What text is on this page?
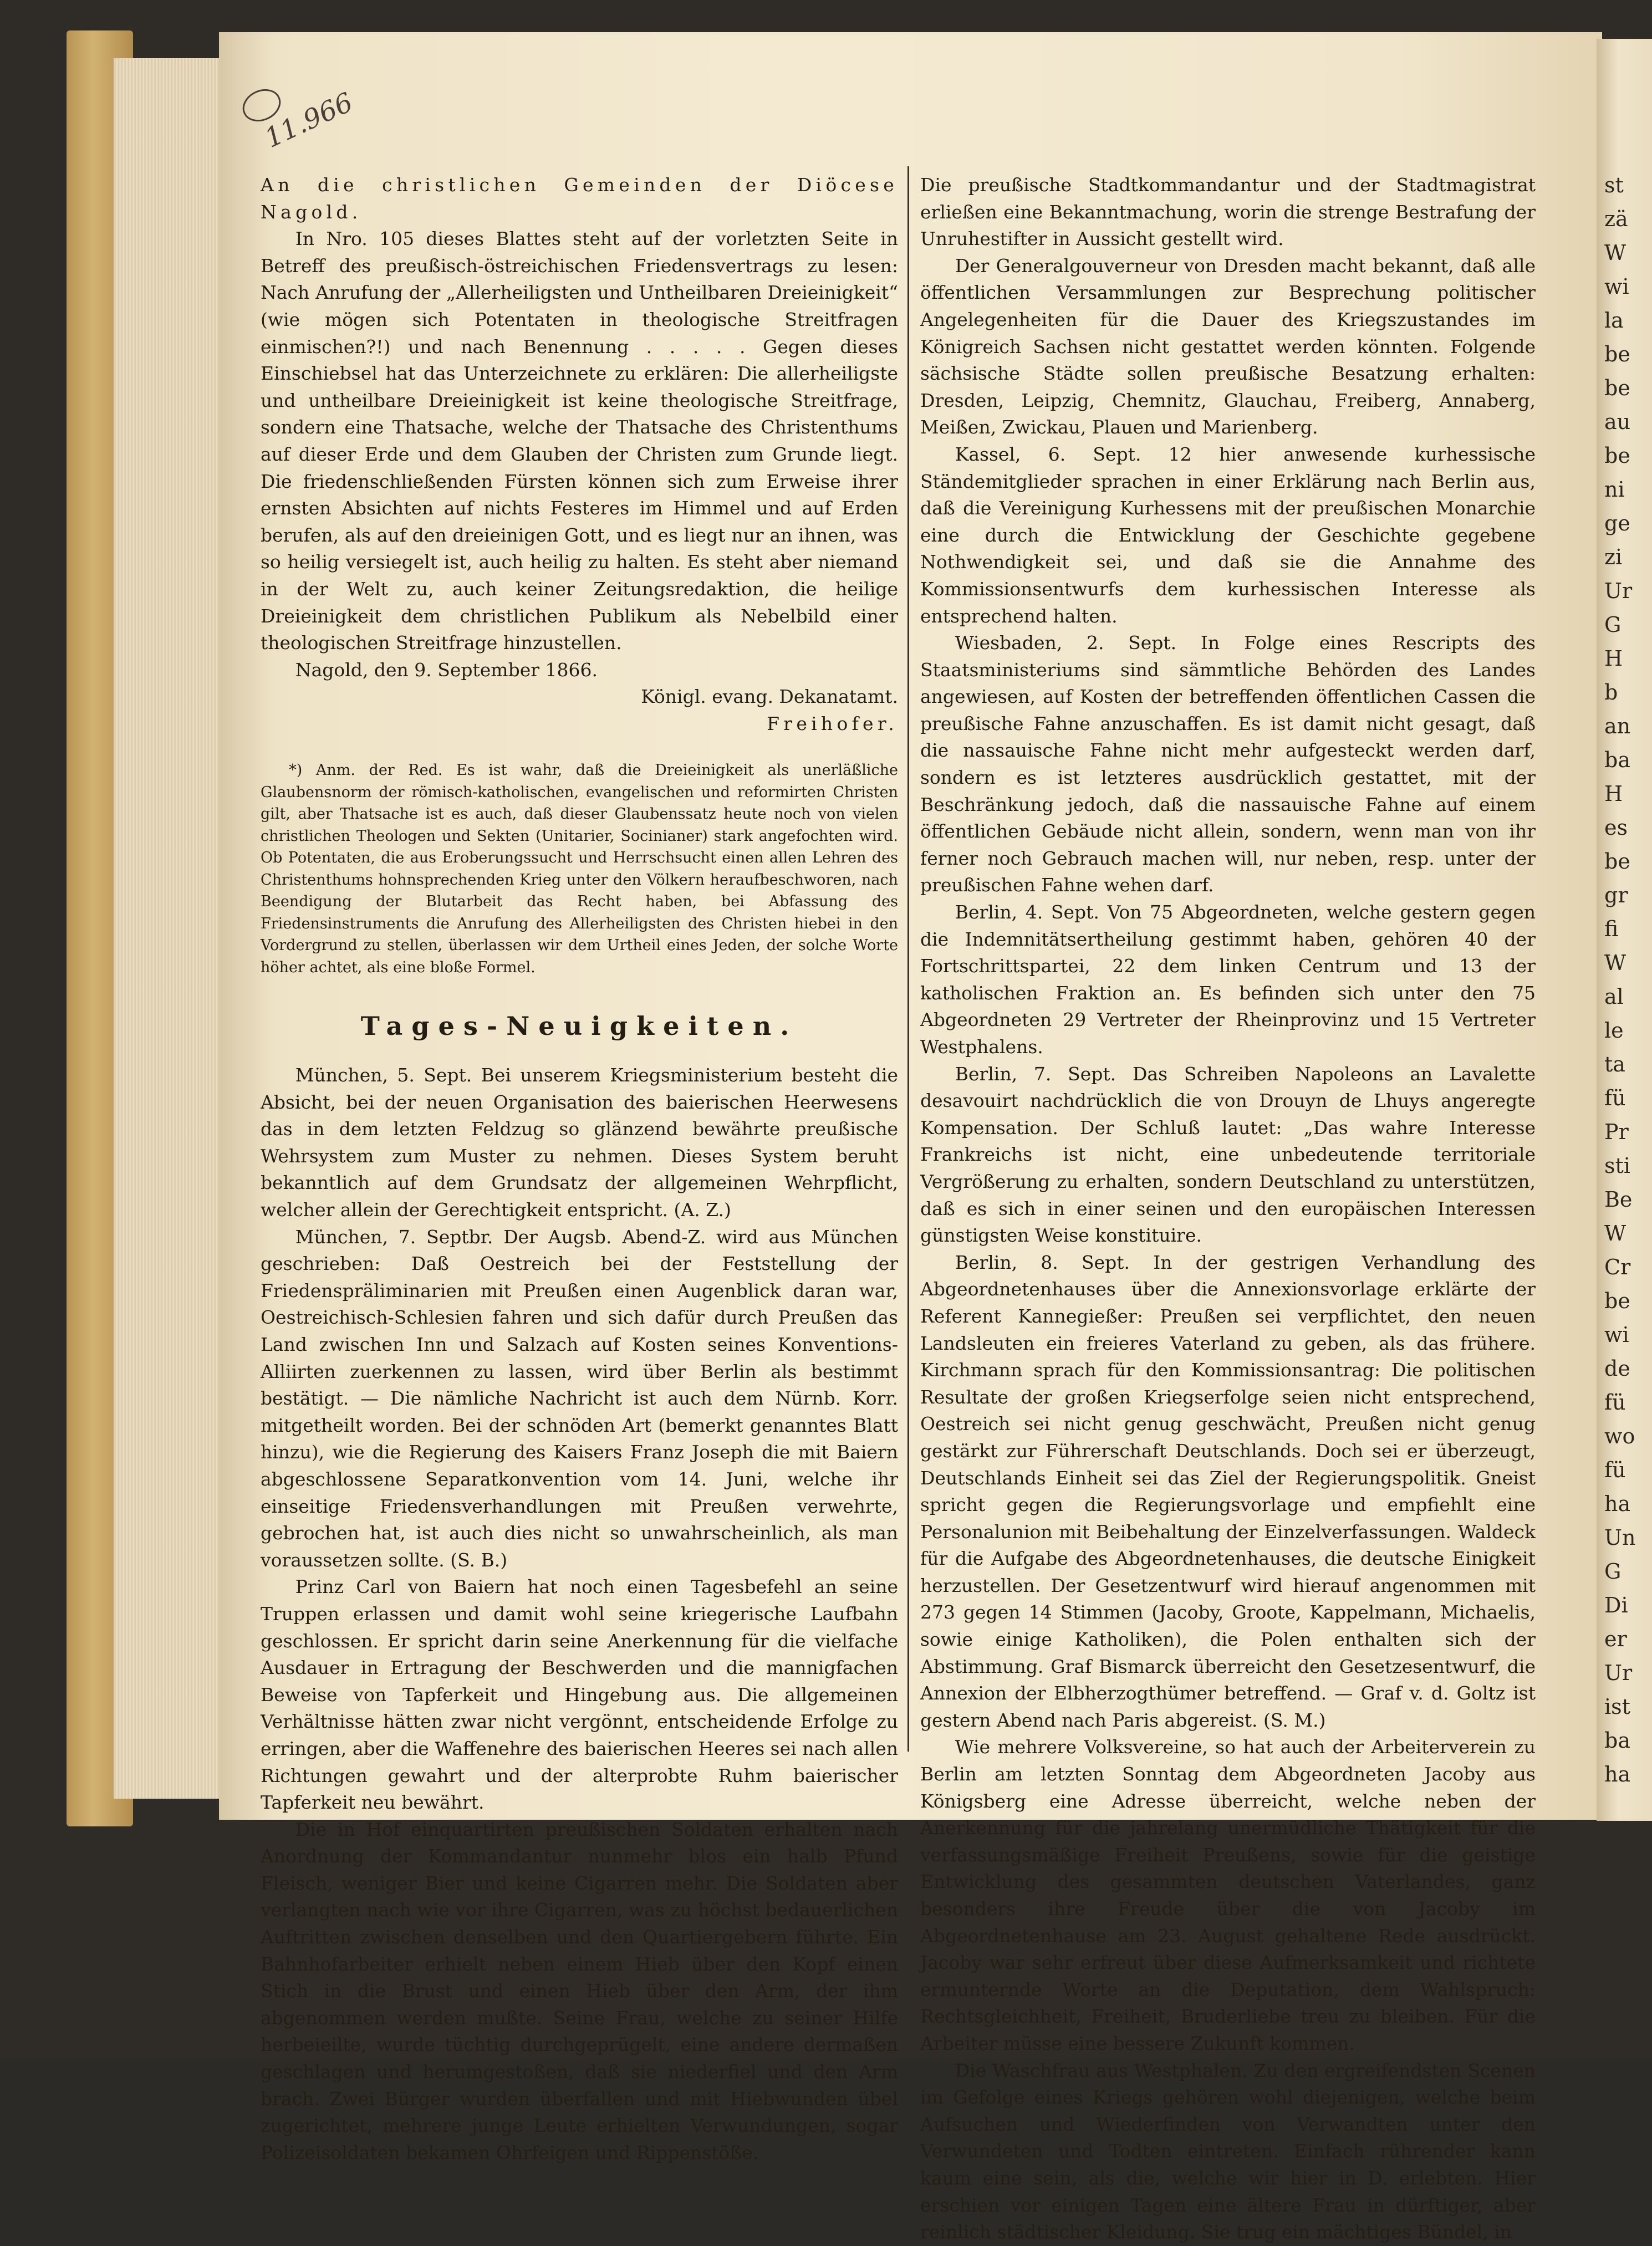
st
zä
W
wi
la
be
be
au
be
ni
ge
zi
Ur
G
H
b
an
ba
H
es
be
gr
fi
W
al
le
ta
fü
Pr
sti
Be
W
Cr
be
wi
de
fü
wo
fü
ha
Un
G
Di
er
Ur
ist
ba
ha
11.966

An die christlichen Gemeinden der Diöcese Nagold.

In Nro. 105 dieses Blattes steht auf der vorletzten Seite in Betreff des preußisch-östreichischen Friedensvertrags zu lesen: Nach Anrufung der „Allerheiligsten und Untheilbaren Dreieinigkeit“ (wie mögen sich Potentaten in theologische Streitfragen einmischen?!) und nach Benennung . . . . . Gegen dieses Einschiebsel hat das Unterzeichnete zu erklären: Die allerheiligste und untheilbare Dreieinigkeit ist keine theologische Streitfrage, sondern eine Thatsache, welche der Thatsache des Christenthums auf dieser Erde und dem Glauben der Christen zum Grunde liegt. Die friedenschließenden Fürsten können sich zum Erweise ihrer ernsten Absichten auf nichts Festeres im Himmel und auf Erden berufen, als auf den dreieinigen Gott, und es liegt nur an ihnen, was so heilig versiegelt ist, auch heilig zu halten. Es steht aber niemand in der Welt zu, auch keiner Zeitungsredaktion, die heilige Dreieinigkeit dem christlichen Publikum als Nebelbild einer theologischen Streitfrage hinzustellen.

Nagold, den 9. September 1866.

Königl. evang. Dekanatamt.
Freihofer.

*) Anm. der Red. Es ist wahr, daß die Dreieinigkeit als unerläßliche Glaubensnorm der römisch-katholischen, evangelischen und reformirten Christen gilt, aber Thatsache ist es auch, daß dieser Glaubenssatz heute noch von vielen christlichen Theologen und Sekten (Unitarier, Socinianer) stark angefochten wird. Ob Potentaten, die aus Eroberungssucht und Herrschsucht einen allen Lehren des Christenthums hohnsprechenden Krieg unter den Völkern heraufbeschworen, nach Beendigung der Blutarbeit das Recht haben, bei Abfassung des Friedensinstruments die Anrufung des Allerheiligsten des Christen hiebei in den Vordergrund zu stellen, überlassen wir dem Urtheil eines Jeden, der solche Worte höher achtet, als eine bloße Formel.

Tages-Neuigkeiten.

München, 5. Sept. Bei unserem Kriegsministerium besteht die Absicht, bei der neuen Organisation des baierischen Heerwesens das in dem letzten Feldzug so glänzend bewährte preußische Wehrsystem zum Muster zu nehmen. Dieses System beruht bekanntlich auf dem Grundsatz der allgemeinen Wehrpflicht, welcher allein der Gerechtigkeit entspricht. (A. Z.)

München, 7. Septbr. Der Augsb. Abend-Z. wird aus München geschrieben: Daß Oestreich bei der Feststellung der Friedenspräliminarien mit Preußen einen Augenblick daran war, Oestreichisch-Schlesien fahren und sich dafür durch Preußen das Land zwischen Inn und Salzach auf Kosten seines Konventions-Alliirten zuerkennen zu lassen, wird über Berlin als bestimmt bestätigt. — Die nämliche Nachricht ist auch dem Nürnb. Korr. mitgetheilt worden. Bei der schnöden Art (bemerkt genanntes Blatt hinzu), wie die Regierung des Kaisers Franz Joseph die mit Baiern abgeschlossene Separatkonvention vom 14. Juni, welche ihr einseitige Friedensverhandlungen mit Preußen verwehrte, gebrochen hat, ist auch dies nicht so unwahrscheinlich, als man voraussetzen sollte. (S. B.)

Prinz Carl von Baiern hat noch einen Tagesbefehl an seine Truppen erlassen und damit wohl seine kriegerische Laufbahn geschlossen. Er spricht darin seine Anerkennung für die vielfache Ausdauer in Ertragung der Beschwerden und die mannigfachen Beweise von Tapferkeit und Hingebung aus. Die allgemeinen Verhältnisse hätten zwar nicht vergönnt, entscheidende Erfolge zu erringen, aber die Waffenehre des baierischen Heeres sei nach allen Richtungen gewahrt und der alterprobte Ruhm baierischer Tapferkeit neu bewährt.

Die in Hof einquartirten preußischen Soldaten erhalten nach Anordnung der Kommandantur nunmehr blos ein halb Pfund Fleisch, weniger Bier und keine Cigarren mehr. Die Soldaten aber verlangten nach wie vor ihre Cigarren, was zu höchst bedauerlichen Auftritten zwischen denselben und den Quartiergebern führte. Ein Bahnhofarbeiter erhielt neben einem Hieb über den Kopf einen Stich in die Brust und einen Hieb über den Arm, der ihm abgenommen werden mußte. Seine Frau, welche zu seiner Hilfe herbeieilte, wurde tüchtig durchgeprügelt, eine andere dermaßen geschlagen und herumgestoßen, daß sie niederfiel und den Arm brach. Zwei Bürger wurden überfallen und mit Hiebwunden übel zugerichtet, mehrere junge Leute erhielten Verwundungen, sogar Polizeisoldaten bekamen Ohrfeigen und Rippenstöße.

Die preußische Stadtkommandantur und der Stadtmagistrat erließen eine Bekanntmachung, worin die strenge Bestrafung der Unruhestifter in Aussicht gestellt wird.

Der Generalgouverneur von Dresden macht bekannt, daß alle öffentlichen Versammlungen zur Besprechung politischer Angelegenheiten für die Dauer des Kriegszustandes im Königreich Sachsen nicht gestattet werden könnten. Folgende sächsische Städte sollen preußische Besatzung erhalten: Dresden, Leipzig, Chemnitz, Glauchau, Freiberg, Annaberg, Meißen, Zwickau, Plauen und Marienberg.

Kassel, 6. Sept. 12 hier anwesende kurhessische Ständemitglieder sprachen in einer Erklärung nach Berlin aus, daß die Vereinigung Kurhessens mit der preußischen Monarchie eine durch die Entwicklung der Geschichte gegebene Nothwendigkeit sei, und daß sie die Annahme des Kommissionsentwurfs dem kurhessischen Interesse als entsprechend halten.

Wiesbaden, 2. Sept. In Folge eines Rescripts des Staatsministeriums sind sämmtliche Behörden des Landes angewiesen, auf Kosten der betreffenden öffentlichen Cassen die preußische Fahne anzuschaffen. Es ist damit nicht gesagt, daß die nassauische Fahne nicht mehr aufgesteckt werden darf, sondern es ist letzteres ausdrücklich gestattet, mit der Beschränkung jedoch, daß die nassauische Fahne auf einem öffentlichen Gebäude nicht allein, sondern, wenn man von ihr ferner noch Gebrauch machen will, nur neben, resp. unter der preußischen Fahne wehen darf.

Berlin, 4. Sept. Von 75 Abgeordneten, welche gestern gegen die Indemnitätsertheilung gestimmt haben, gehören 40 der Fortschrittspartei, 22 dem linken Centrum und 13 der katholischen Fraktion an. Es befinden sich unter den 75 Abgeordneten 29 Vertreter der Rheinprovinz und 15 Vertreter Westphalens.

Berlin, 7. Sept. Das Schreiben Napoleons an Lavalette desavouirt nachdrücklich die von Drouyn de Lhuys angeregte Kompensation. Der Schluß lautet: „Das wahre Interesse Frankreichs ist nicht, eine unbedeutende territoriale Vergrößerung zu erhalten, sondern Deutschland zu unterstützen, daß es sich in einer seinen und den europäischen Interessen günstigsten Weise konstituire.

Berlin, 8. Sept. In der gestrigen Verhandlung des Abgeordnetenhauses über die Annexionsvorlage erklärte der Referent Kannegießer: Preußen sei verpflichtet, den neuen Landsleuten ein freieres Vaterland zu geben, als das frühere. Kirchmann sprach für den Kommissionsantrag: Die politischen Resultate der großen Kriegserfolge seien nicht entsprechend, Oestreich sei nicht genug geschwächt, Preußen nicht genug gestärkt zur Führerschaft Deutschlands. Doch sei er überzeugt, Deutschlands Einheit sei das Ziel der Regierungspolitik. Gneist spricht gegen die Regierungsvorlage und empfiehlt eine Personalunion mit Beibehaltung der Einzelverfassungen. Waldeck für die Aufgabe des Abgeordnetenhauses, die deutsche Einigkeit herzustellen. Der Gesetzentwurf wird hierauf angenommen mit 273 gegen 14 Stimmen (Jacoby, Groote, Kappelmann, Michaelis, sowie einige Katholiken), die Polen enthalten sich der Abstimmung. Graf Bismarck überreicht den Gesetzesentwurf, die Annexion der Elbherzogthümer betreffend. — Graf v. d. Goltz ist gestern Abend nach Paris abgereist. (S. M.)

Wie mehrere Volksvereine, so hat auch der Arbeiterverein zu Berlin am letzten Sonntag dem Abgeordneten Jacoby aus Königsberg eine Adresse überreicht, welche neben der Anerkennung für die jahrelang unermüdliche Thätigkeit für die verfassungsmäßige Freiheit Preußens, sowie für die geistige Entwicklung des gesammten deutschen Vaterlandes, ganz besonders ihre Freude über die von Jacoby im Abgeordnetenhause am 23. August gehaltene Rede ausdrückt. Jacoby war sehr erfreut über diese Aufmerksamkeit und richtete ermunternde Worte an die Deputation, dem Wahlspruch: Rechtsgleichheit, Freiheit, Bruderliebe treu zu bleiben. Für die Arbeiter müsse eine bessere Zukunft kommen.

Die Waschfrau aus Westphalen. Zu den ergreifendsten Scenen im Gefolge eines Kriegs gehören wohl diejenigen, welche beim Aufsuchen und Wiederfinden von Verwandten unter den Verwundeten und Todten eintreten. Einfach rührender kann kaum eine sein, als die, welche wir hier in D. erlebten. Hier erschien vor einigen Tagen eine ältere Frau in dürftiger, aber reinlich städtischer Kleidung. Sie trug ein mächtiges Bündel, in
